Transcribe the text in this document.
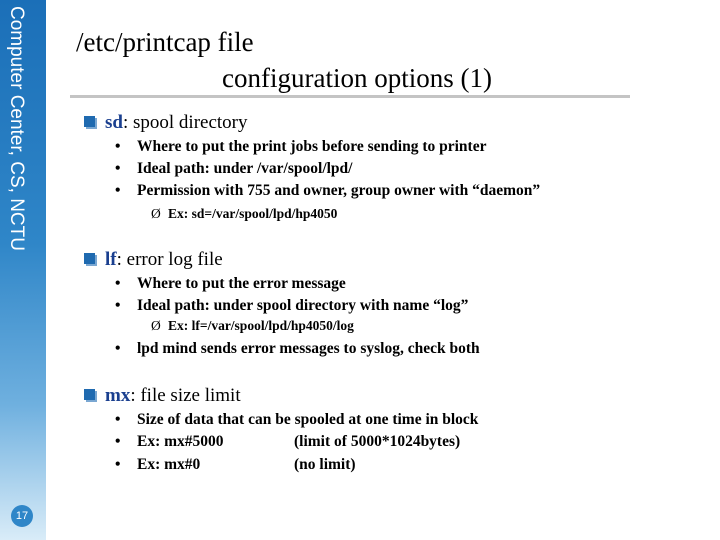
Computer Center, CS, NCTU
17
/etc/printcap file
configuration options (1)
sd: spool directory
• Where to put the print jobs before sending to printer
• Ideal path: under /var/spool/lpd/
• Permission with 755 and owner, group owner with “daemon”
Ø Ex: sd=/var/spool/lpd/hp4050
lf: error log file
• Where to put the error message
• Ideal path: under spool directory with name “log”
Ø Ex: lf=/var/spool/lpd/hp4050/log
• lpd mind sends error messages to syslog, check both
mx: file size limit
• Size of data that can be spooled at one time in block
• Ex: mx#5000	(limit of 5000*1024bytes)
• Ex: mx#0	(no limit)
